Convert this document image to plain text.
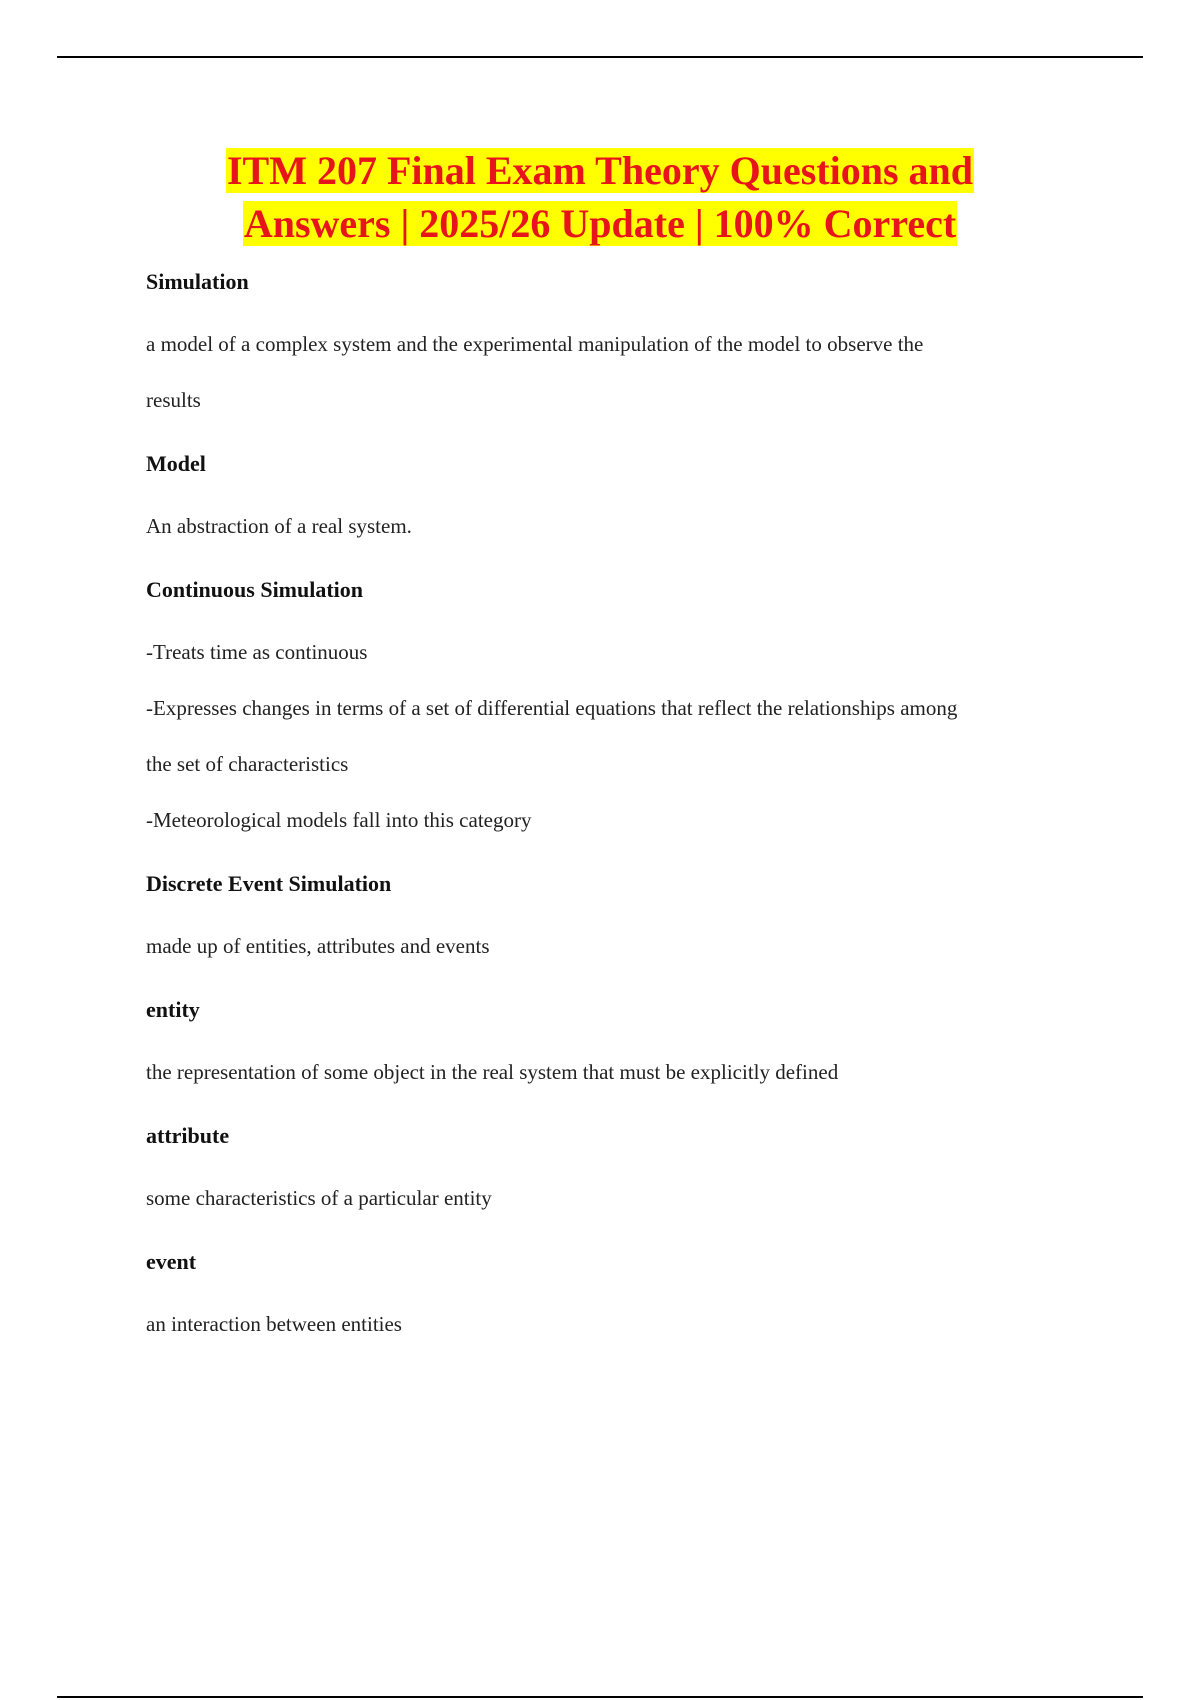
ITM 207 Final Exam Theory Questions and
Answers | 2025/26 Update | 100% Correct

Simulation

a model of a complex system and the experimental manipulation of the model to observe the

results

Model

An abstraction of a real system.

Continuous Simulation

-Treats time as continuous

-Expresses changes in terms of a set of differential equations that reflect the relationships among

the set of characteristics

-Meteorological models fall into this category

Discrete Event Simulation

made up of entities, attributes and events

entity

the representation of some object in the real system that must be explicitly defined

attribute

some characteristics of a particular entity

event

an interaction between entities
